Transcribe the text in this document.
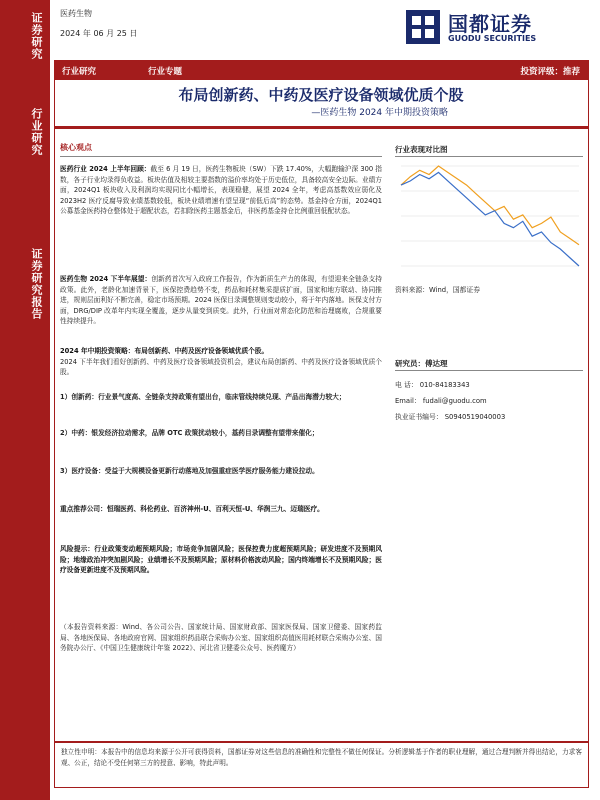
证券研究
行业研究
证券研究报告
医药生物
2024 年 06 月 25 日	国都证券
GUODU SECURITIES
行业研究	行业专题	投资评级：推荐
布局创新药、中药及医疗设备领域优质个股
—医药生物 2024 年中期投资策略
核心观点
医药行业 2024 上半年回顾：截至 6 月 19 日，医药生物板块（SW）下跌 17.40%，大幅跑输沪深 300 指数，各子行业均录得负收益。板块估值及相较主要指数的溢价率均处于历史低位，具备较高安全边际。业绩方面，2024Q1 板块收入及利润均实现同比小幅增长，表现稳健，展望 2024 全年，考虑高基数效应弱化及 2023H2 医疗反腐导致业绩基数较低，板块业绩增速有望呈现“前低后高”的态势。基金持仓方面，2024Q1 公募基金医药持仓整体处于超配状态，若扣除医药主题基金后，非医药基金持仓比例重回低配状态。
医药生物 2024 下半年展望：创新药首次写入政府工作报告，作为新质生产力的体现，有望迎来全链条支持政策。此外，老龄化加速背景下，医保控费趋势不变，药品和耗材集采提质扩面，国家和地方联动、协同推进，规则层面利好不断完善，稳定市场预期。2024 医保目录调整规则变动较小，将于年内落地。医保支付方面，DRG/DIP 改革年内实现全覆盖，逐步从量变到质变。此外，行业面对常态化防范和治理腐败，合规重要性持续提升。
2024 年中期投资策略：布局创新药、中药及医疗设备领域优质个股。
2024 下半年我们看好创新药、中药及医疗设备领域投资机会，建议布局创新药、中药及医疗设备领域优质个股。
1）创新药：行业景气度高、全链条支持政策有望出台，临床管线持续兑现、产品出海潜力较大；
2）中药：银发经济拉动需求，品牌 OTC 政策扰动较小，基药目录调整有望带来催化；
3）医疗设备：受益于大规模设备更新行动落地及加强重症医学医疗服务能力建设拉动。
重点推荐公司：恒瑞医药、科伦药业、百济神州-U、百利天恒-U、华润三九、迈瑞医疗。
风险提示：行业政策变动超预期风险；市场竞争加剧风险；医保控费力度超预期风险；研发进度不及预期风险；地缘政治冲突加剧风险；业绩增长不及预期风险；原材料价格波动风险；国内终端增长不及预期风险；医疗设备更新进度不及预期风险。
（本报告资料来源：Wind、各公司公告、国家统计局、国家财政部、国家医保局、国家卫健委、国家药监局、各地医保局、各地政府官网、国家组织药品联合采购办公室、国家组织高值医用耗材联合采购办公室、国务院办公厅、《中国卫生健康统计年鉴 2022》、河北省卫健委公众号、医药魔方）
行业表现对比图
资料来源：Wind，国都证券
研究员：傅达理
电 话： 010-84183343
Email： fudali@guodu.com
执业证书编号： S0940519040003
独立性申明：本报告中的信息均来源于公开可获得资料，国都证券对这些信息的准确性和完整性不做任何保证。分析逻辑基于作者的职业理解，通过合理判断并得出结论，力求客观、公正，结论不受任何第三方的授意、影响，特此声明。
